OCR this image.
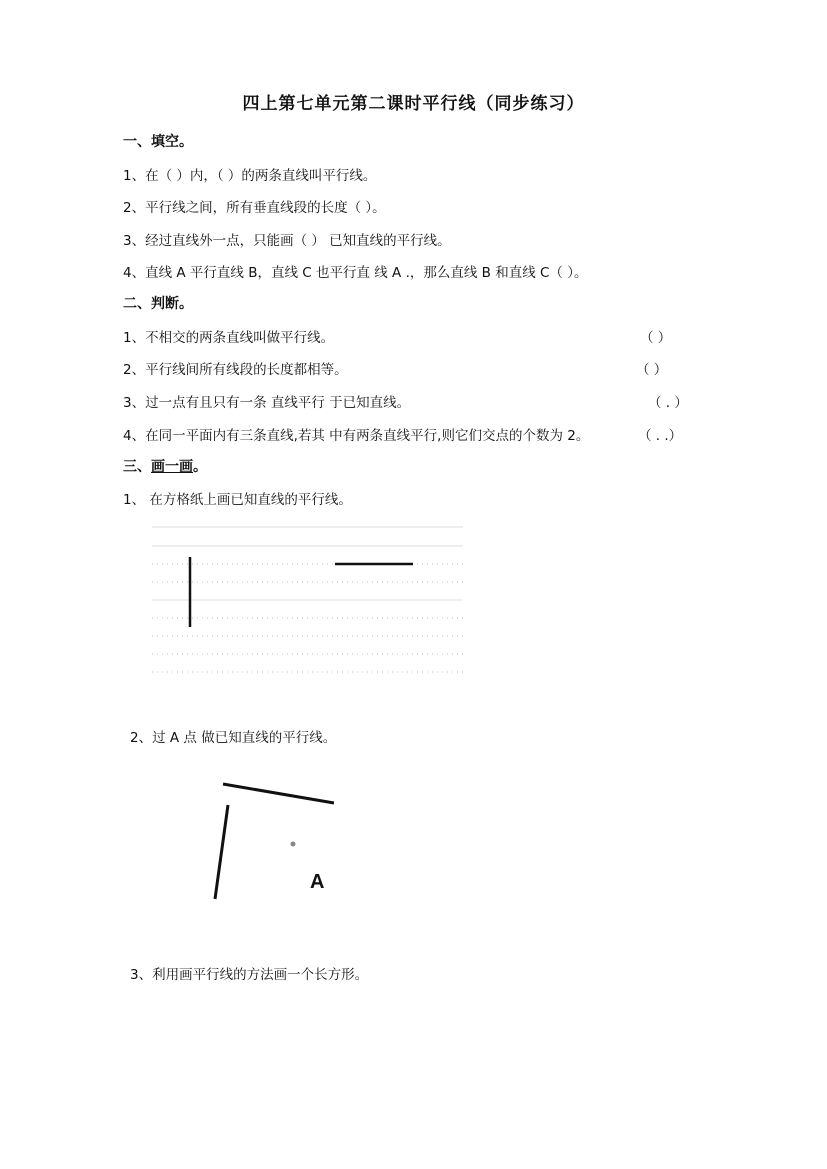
四上第七单元第二课时平行线（同步练习）
一、填空。
1、在（ ）内，（ ）的两条直线叫平行线。
2、平行线之间，所有垂直线段的长度（ ）。
3、经过直线外一点，只能画（ ） 已知直线的平行线。
4、直线 A 平行直线 B，直线 C 也平行直 线 A .，那么直线 B 和直线 C（ ）。
二、判断。
1、不相交的两条直线叫做平行线。	（ ）
2、平行线间所有线段的长度都相等。	（ ）
3、过一点有且只有一条 直线平行 于已知直线。	（ . ）
4、在同一平面内有三条直线,若其 中有两条直线平行,则它们交点的个数为 2。	（ . .）
三、画一画。
1、 在方格纸上画已知直线的平行线。
2、过 A 点 做已知直线的平行线。
A
3、利用画平行线的方法画一个长方形。
